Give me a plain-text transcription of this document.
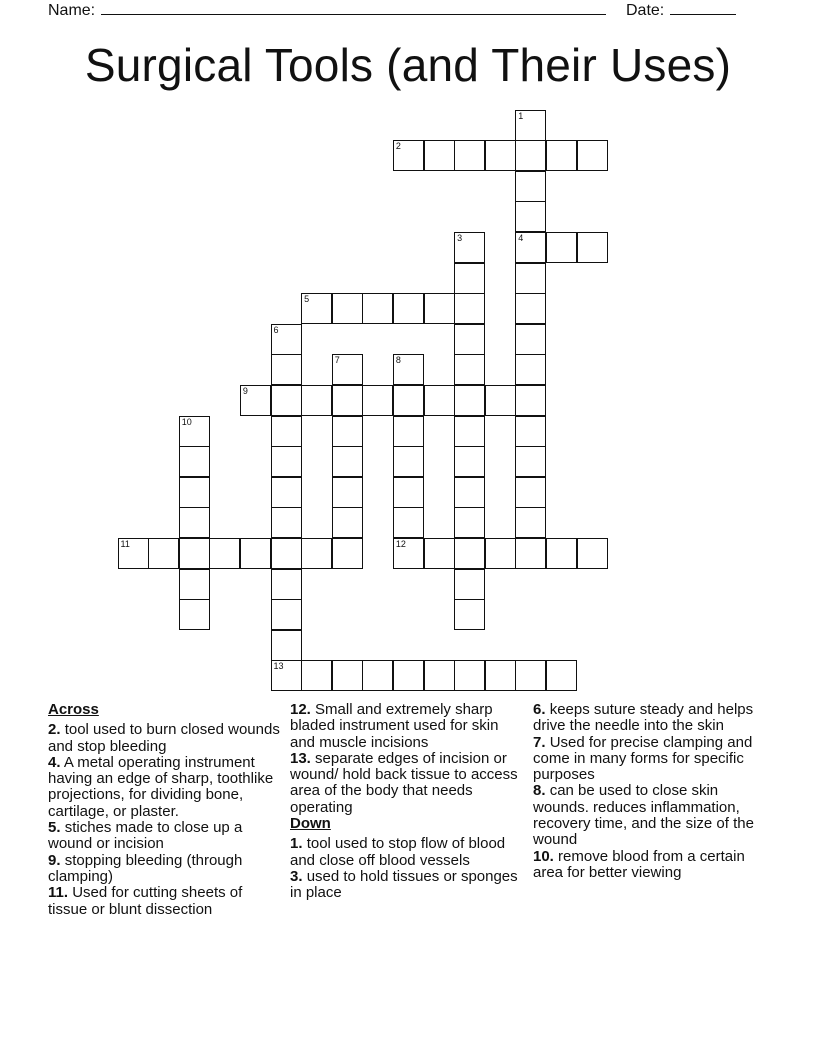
Name:	Date:
Surgical Tools (and Their Uses)
2
4
5
9
11	12
13
1
3
6
7	8
10

Across

2. tool used to burn closed wounds and stop bleeding

4. A metal operating instrument having an edge of sharp, toothlike projections, for dividing bone, cartilage, or plaster.

5. stiches made to close up a wound or incision

9. stopping bleeding (through clamping)

11. Used for cutting sheets of tissue or blunt dissection

12. Small and extremely sharp bladed instrument used for skin and muscle incisions

13. separate edges of incision or wound/ hold back tissue to access area of the body that needs operating

Down

1. tool used to stop flow of blood and close off blood vessels

3. used to hold tissues or sponges in place

6. keeps suture steady and helps drive the needle into the skin

7. Used for precise clamping and come in many forms for specific purposes

8. can be used to close skin wounds. reduces inflammation, recovery time, and the size of the wound

10. remove blood from a certain area for better viewing
